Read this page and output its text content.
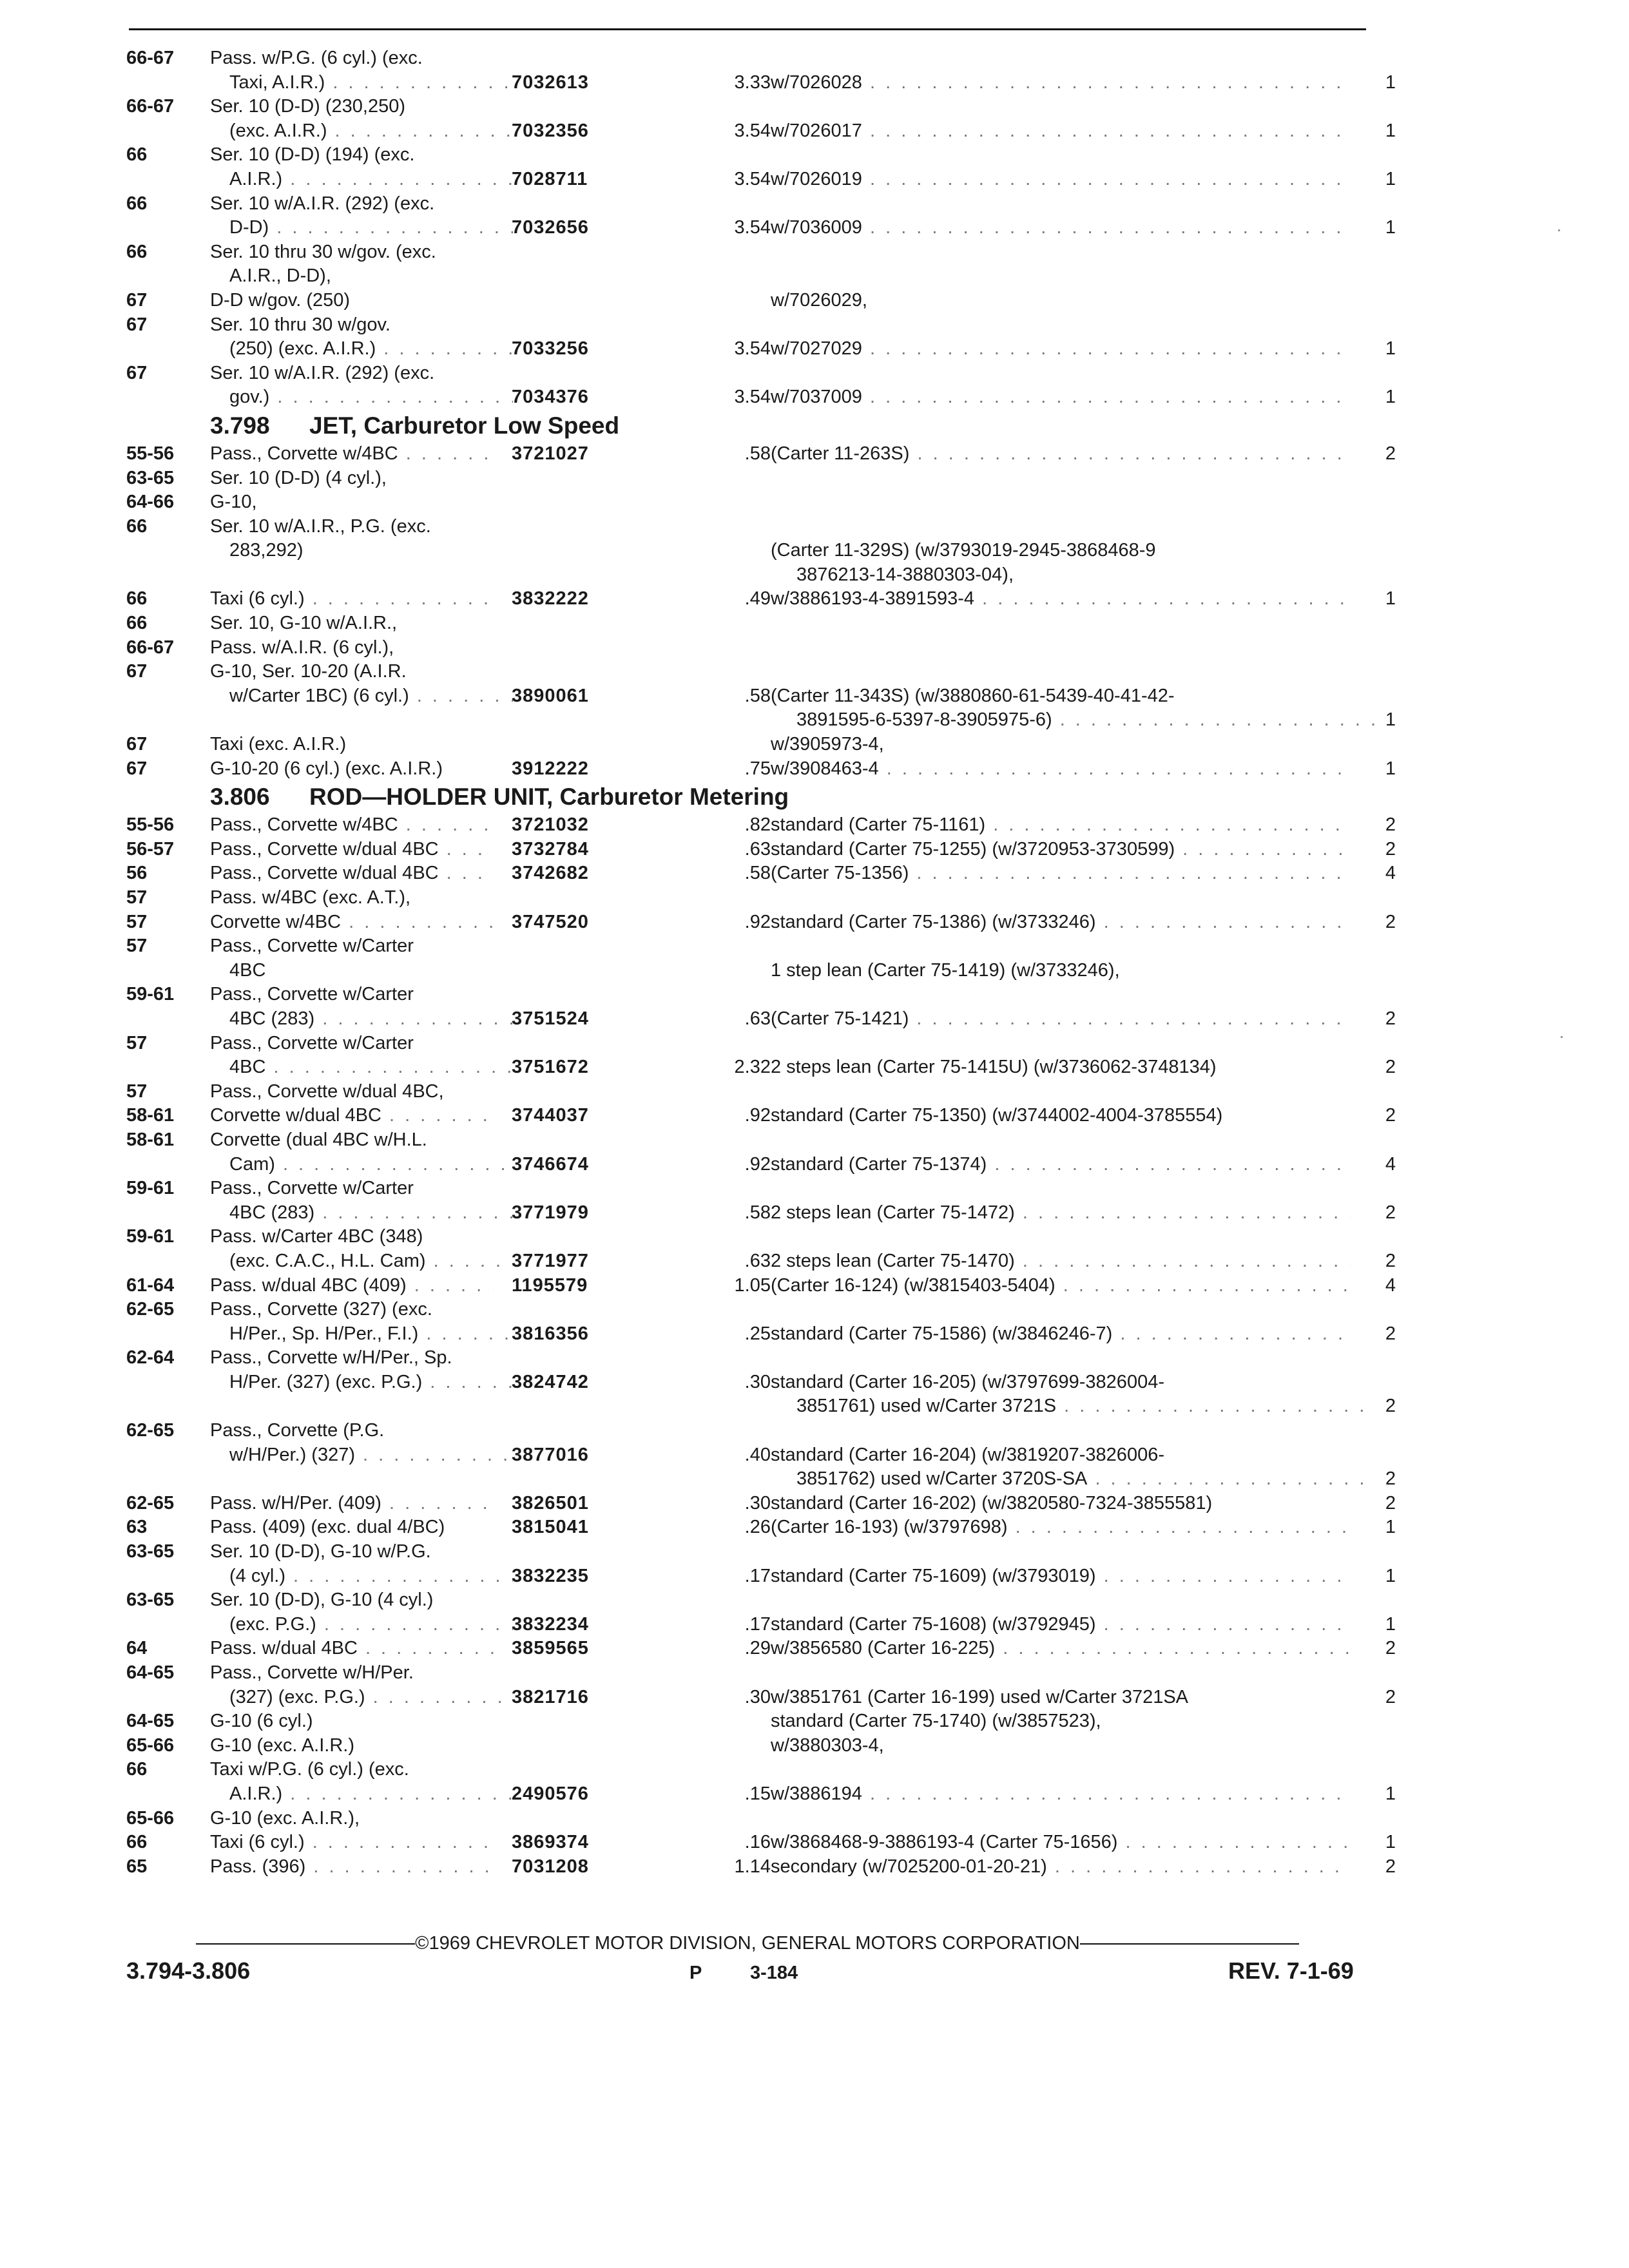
66-67	Pass. w/P.G. (6 cyl.) (exc.
Taxi, A.I.R.) . . .	7032613	3.33 w/7026028 . . .	1
66-67	Ser. 10 (D-D) (230,250)
(exc. A.I.R.) . . .	7032356	3.54 w/7026017 . . .	1
66	Ser. 10 (D-D) (194) (exc.
A.I.R.) . . .	7028711	3.54 w/7026019 . . .	1
66	Ser. 10 w/A.I.R. (292) (exc.
D-D) . . .	7032656	3.54 w/7036009 . . .	1
66	Ser. 10 thru 30 w/gov. (exc.
A.I.R., D-D),
67	D-D w/gov. (250)	w/7026029,
67	Ser. 10 thru 30 w/gov.
(250) (exc. A.I.R.) . . .	7033256	3.54 w/7027029 . . .	1
67	Ser. 10 w/A.I.R. (292) (exc.
gov.) . . .	7034376	3.54 w/7037009 . . .	1
3.798 JET, Carburetor Low Speed
55-56	Pass., Corvette w/4BC . . .	3721027	.58 (Carter 11-263S) . . .	2
63-65	Ser. 10 (D-D) (4 cyl.),
64-66	G-10,
66	Ser. 10 w/A.I.R., P.G. (exc.
283,292)	(Carter 11-329S) (w/3793019-2945-3868468-9
3876213-14-3880303-04),
66	Taxi (6 cyl.) . . .	3832222	.49 w/3886193-4-3891593-4 . . .	1
66	Ser. 10, G-10 w/A.I.R.,
66-67	Pass. w/A.I.R. (6 cyl.),
67	G-10, Ser. 10-20 (A.I.R.
w/Carter 1BC) (6 cyl.) . . .	3890061	.58 (Carter 11-343S) (w/3880860-61-5439-40-41-42-
3891595-6-5397-8-3905975-6) . . .	1
67	Taxi (exc. A.I.R.)	w/3905973-4,
67	G-10-20 (6 cyl.) (exc. A.I.R.)	3912222	.75 w/3908463-4 . . .	1
3.806 ROD—HOLDER UNIT, Carburetor Metering
55-56	Pass., Corvette w/4BC . . .	3721032	.82 standard (Carter 75-1161) . . .	2
56-57	Pass., Corvette w/dual 4BC . . .	3732784	.63 standard (Carter 75-1255) (w/3720953-3730599) . . .	2
56	Pass., Corvette w/dual 4BC . . .	3742682	.58 (Carter 75-1356) . . .	4
57	Pass. w/4BC (exc. A.T.),
57	Corvette w/4BC . . .	3747520	.92 standard (Carter 75-1386) (w/3733246) . . .	2
57	Pass., Corvette w/Carter
4BC	1 step lean (Carter 75-1419) (w/3733246),
59-61	Pass., Corvette w/Carter
4BC (283) . . .	3751524	.63 (Carter 75-1421) . . .	2
57	Pass., Corvette w/Carter
4BC . . .	3751672	2.32 2 steps lean (Carter 75-1415U) (w/3736062-3748134)	2
57	Pass., Corvette w/dual 4BC,
58-61	Corvette w/dual 4BC . . .	3744037	.92 standard (Carter 75-1350) (w/3744002-4004-3785554)	2
58-61	Corvette (dual 4BC w/H.L.
Cam) . . .	3746674	.92 standard (Carter 75-1374) . . .	4
59-61	Pass., Corvette w/Carter
4BC (283) . . .	3771979	.58 2 steps lean (Carter 75-1472) . . .	2
59-61	Pass. w/Carter 4BC (348)
(exc. C.A.C., H.L. Cam) . . .	3771977	.63 2 steps lean (Carter 75-1470) . . .	2
61-64	Pass. w/dual 4BC (409) . . .	1195579	1.05 (Carter 16-124) (w/3815403-5404) . . .	4
62-65	Pass., Corvette (327) (exc.
H/Per., Sp. H/Per., F.I.) . . .	3816356	.25 standard (Carter 75-1586) (w/3846246-7) . . .	2
62-64	Pass., Corvette w/H/Per., Sp.
H/Per. (327) (exc. P.G.) . . .	3824742	.30 standard (Carter 16-205) (w/3797699-3826004-
3851761) used w/Carter 3721S . . .	2
62-65	Pass., Corvette (P.G.
w/H/Per.) (327) . . .	3877016	.40 standard (Carter 16-204) (w/3819207-3826006-
3851762) used w/Carter 3720S-SA . . .	2
62-65	Pass. w/H/Per. (409) . . .	3826501	.30 standard (Carter 16-202) (w/3820580-7324-3855581)	2
63	Pass. (409) (exc. dual 4/BC)	3815041	.26 (Carter 16-193) (w/3797698) . . .	1
63-65	Ser. 10 (D-D), G-10 w/P.G.
(4 cyl.) . . .	3832235	.17 standard (Carter 75-1609) (w/3793019) . . .	1
63-65	Ser. 10 (D-D), G-10 (4 cyl.)
(exc. P.G.) . . .	3832234	.17 standard (Carter 75-1608) (w/3792945) . . .	1
64	Pass. w/dual 4BC . . .	3859565	.29 w/3856580 (Carter 16-225) . . .	2
64-65	Pass., Corvette w/H/Per.
(327) (exc. P.G.) . . .	3821716	.30 w/3851761 (Carter 16-199) used w/Carter 3721SA	2
64-65	G-10 (6 cyl.)	standard (Carter 75-1740) (w/3857523),
65-66	G-10 (exc. A.I.R.)	w/3880303-4,
66	Taxi w/P.G. (6 cyl.) (exc.
A.I.R.) . . .	2490576	.15 w/3886194 . . .	1
65-66	G-10 (exc. A.I.R.),
66	Taxi (6 cyl.) . . .	3869374	.16 w/3868468-9-3886193-4 (Carter 75-1656) . . .	1
65	Pass. (396) . . .	7031208	1.14 secondary (w/7025200-01-20-21) . . .	2
©1969 CHEVROLET MOTOR DIVISION, GENERAL MOTORS CORPORATION
3.794-3.806	P	3-184	REV. 7-1-69
